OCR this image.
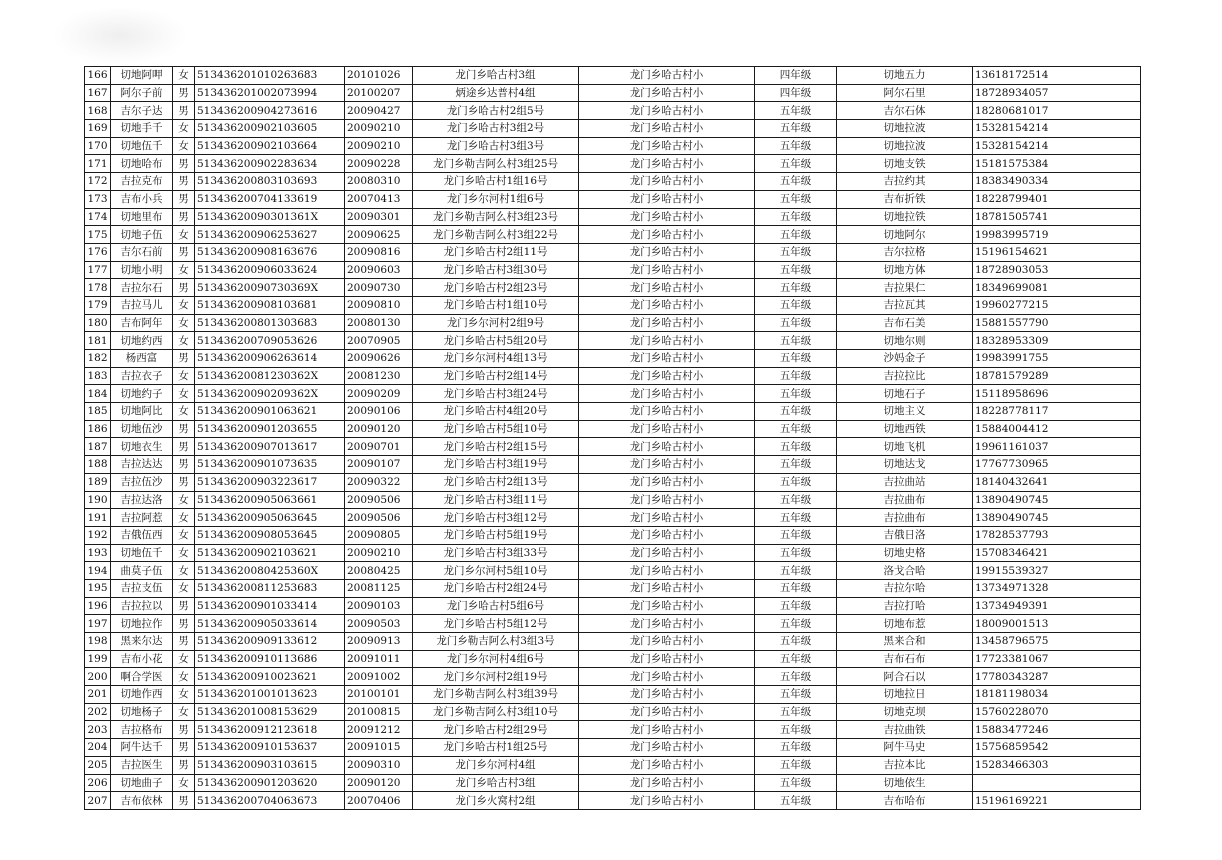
166	切地阿呷	女	513436201010263683	20101026	龙门乡哈古村3组	龙门乡哈古村小	四年级	切地五力	13618172514
167	阿尔子前	男	513436201002073994	20100207	炳途乡达普村4组	龙门乡哈古村小	四年级	阿尔石里	18728934057
168	吉尔子达	男	513436200904273616	20090427	龙门乡哈古村2组5号	龙门乡哈古村小	五年级	吉尔石体	18280681017
169	切地手千	女	513436200902103605	20090210	龙门乡哈古村3组2号	龙门乡哈古村小	五年级	切地拉波	15328154214
170	切地伍千	女	513436200902103664	20090210	龙门乡哈古村3组3号	龙门乡哈古村小	五年级	切地拉波	15328154214
171	切地哈布	男	513436200902283634	20090228	龙门乡勒吉阿么村3组25号	龙门乡哈古村小	五年级	切地支铁	15181575384
172	吉拉克布	男	513436200803103693	20080310	龙门乡哈古村1组16号	龙门乡哈古村小	五年级	吉拉约其	18383490334
173	吉布小兵	男	513436200704133619	20070413	龙门乡尔河村1组6号	龙门乡哈古村小	五年级	吉布折铁	18228799401
174	切地里布	男	51343620090301361X	20090301	龙门乡勒吉阿么村3组23号	龙门乡哈古村小	五年级	切地拉铁	18781505741
175	切地子伍	女	513436200906253627	20090625	龙门乡勒吉阿么村3组22号	龙门乡哈古村小	五年级	切地阿尔	19983995719
176	吉尔石前	男	513436200908163676	20090816	龙门乡哈古村2组11号	龙门乡哈古村小	五年级	吉尔拉格	15196154621
177	切地小明	女	513436200906033624	20090603	龙门乡哈古村3组30号	龙门乡哈古村小	五年级	切地方体	18728903053
178	吉拉尔石	男	51343620090730369X	20090730	龙门乡哈古村2组23号	龙门乡哈古村小	五年级	吉拉果仁	18349699081
179	吉拉马儿	女	513436200908103681	20090810	龙门乡哈古村1组10号	龙门乡哈古村小	五年级	吉拉瓦其	19960277215
180	吉布阿年	女	513436200801303683	20080130	龙门乡尔河村2组9号	龙门乡哈古村小	五年级	吉布石美	15881557790
181	切地约西	女	513436200709053626	20070905	龙门乡哈古村5组20号	龙门乡哈古村小	五年级	切地尔则	18328953309
182	杨西富	男	513436200906263614	20090626	龙门乡尔河村4组13号	龙门乡哈古村小	五年级	沙妈金子	19983991755
183	吉拉衣子	女	51343620081230362X	20081230	龙门乡哈古村2组14号	龙门乡哈古村小	五年级	吉拉拉比	18781579289
184	切地约子	女	51343620090209362X	20090209	龙门乡哈古村3组24号	龙门乡哈古村小	五年级	切地石子	15118958696
185	切地阿比	女	513436200901063621	20090106	龙门乡哈古村4组20号	龙门乡哈古村小	五年级	切地主义	18228778117
186	切地伍沙	男	513436200901203655	20090120	龙门乡哈古村5组10号	龙门乡哈古村小	五年级	切地西铁	15884004412
187	切地衣生	男	513436200907013617	20090701	龙门乡哈古村2组15号	龙门乡哈古村小	五年级	切地飞机	19961161037
188	吉拉达达	男	513436200901073635	20090107	龙门乡哈古村3组19号	龙门乡哈古村小	五年级	切地达戈	17767730965
189	吉拉伍沙	男	513436200903223617	20090322	龙门乡哈古村2组13号	龙门乡哈古村小	五年级	吉拉曲站	18140432641
190	吉拉达洛	女	513436200905063661	20090506	龙门乡哈古村3组11号	龙门乡哈古村小	五年级	吉拉曲布	13890490745
191	吉拉阿惹	女	513436200905063645	20090506	龙门乡哈古村3组12号	龙门乡哈古村小	五年级	吉拉曲布	13890490745
192	吉俄伍西	女	513436200908053645	20090805	龙门乡哈古村5组19号	龙门乡哈古村小	五年级	吉俄日洛	17828537793
193	切地伍千	女	513436200902103621	20090210	龙门乡哈古村3组33号	龙门乡哈古村小	五年级	切地史格	15708346421
194	曲莫子伍	女	51343620080425360X	20080425	龙门乡尔河村5组10号	龙门乡哈古村小	五年级	洛戈合哈	19915539327
195	吉拉支伍	女	513436200811253683	20081125	龙门乡哈古村2组24号	龙门乡哈古村小	五年级	吉拉尔哈	13734971328
196	吉拉拉以	男	513436200901033414	20090103	龙门乡哈古村5组6号	龙门乡哈古村小	五年级	吉拉打哈	13734949391
197	切地拉作	男	513436200905033614	20090503	龙门乡哈古村5组12号	龙门乡哈古村小	五年级	切地布惹	18009001513
198	黑来尔达	男	513436200909133612	20090913	龙门乡勒吉阿么村3组3号	龙门乡哈古村小	五年级	黑来合和	13458796575
199	吉布小花	女	513436200910113686	20091011	龙门乡尔河村4组6号	龙门乡哈古村小	五年级	吉布石布	17723381067
200	啊合学医	女	513436200910023621	20091002	龙门乡尔河村2组19号	龙门乡哈古村小	五年级	阿合石以	17780343287
201	切地作西	女	513436201001013623	20100101	龙门乡勒吉阿么村3组39号	龙门乡哈古村小	五年级	切地拉日	18181198034
202	切地杨子	女	513436201008153629	20100815	龙门乡勒吉阿么村3组10号	龙门乡哈古村小	五年级	切地克坝	15760228070
203	吉拉格布	男	513436200912123618	20091212	龙门乡哈古村2组29号	龙门乡哈古村小	五年级	吉拉曲铁	15883477246
204	阿牛达千	男	513436200910153637	20091015	龙门乡哈古村1组25号	龙门乡哈古村小	五年级	阿牛马史	15756859542
205	吉拉医生	男	513436200903103615	20090310	龙门乡尔河村4组	龙门乡哈古村小	五年级	吉拉本比	15283466303
206	切地曲子	女	513436200901203620	20090120	龙门乡哈古村3组	龙门乡哈古村小	五年级	切地依生	
207	吉布依林	男	513436200704063673	20070406	龙门乡火窝村2组	龙门乡哈古村小	五年级	吉布哈布	15196169221
